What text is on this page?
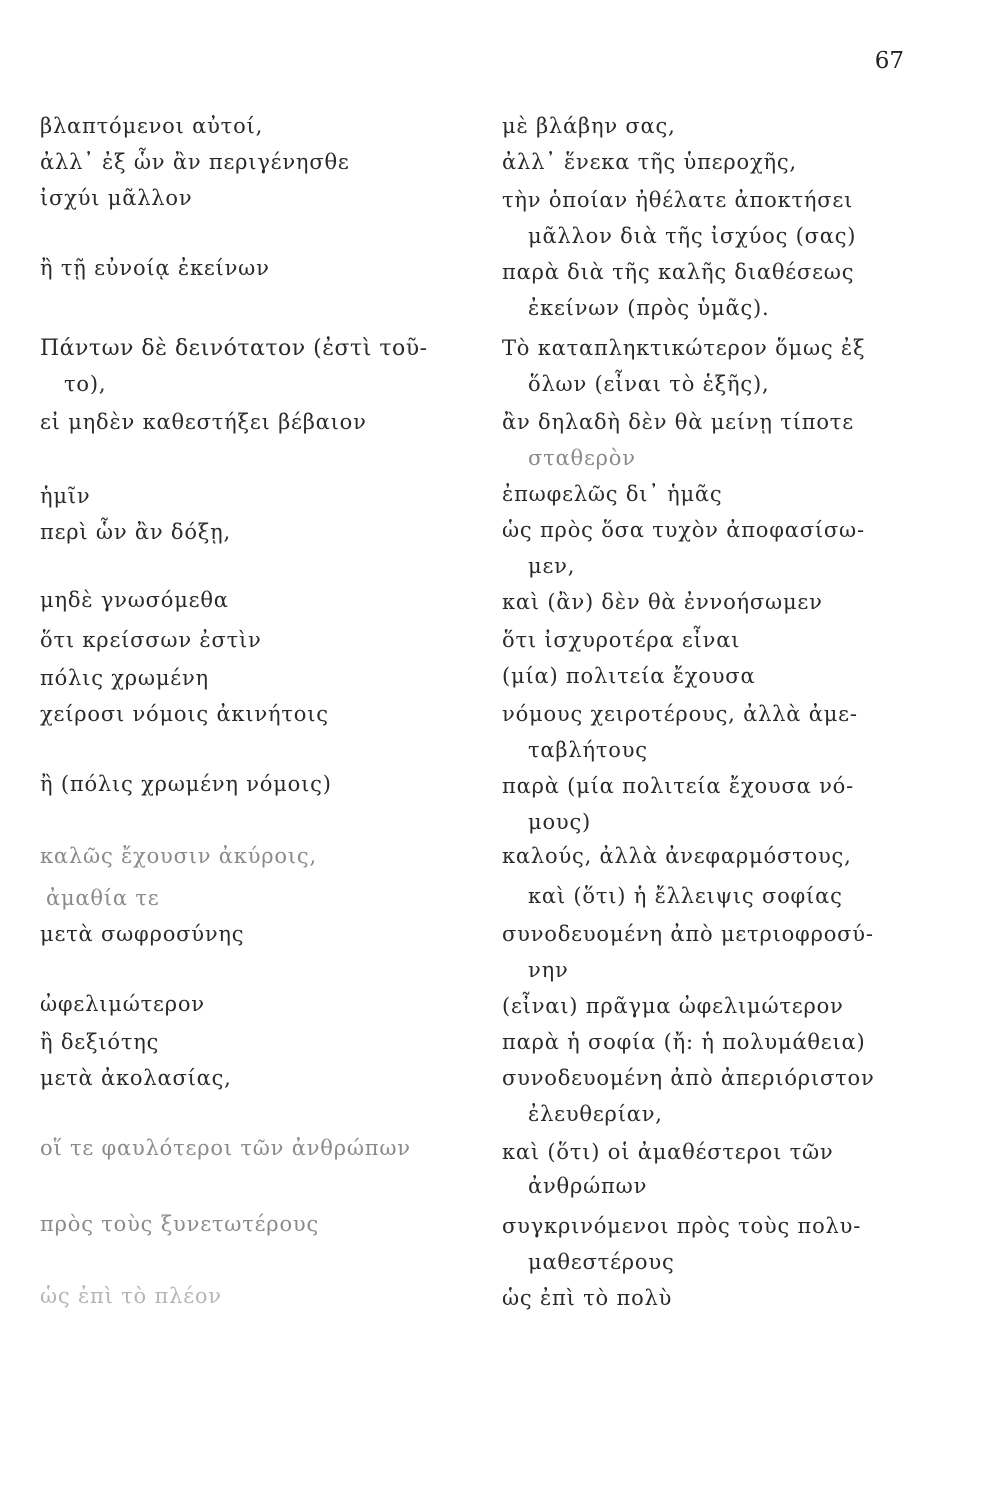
67
βλαπτόμενοι αὐτοί,
ἀλλ᾽ ἐξ ὧν ἂν περιγένησθε
ἰσχύι μᾶλλον
ἢ τῇ εὐνοίᾳ ἐκείνων
Πάντων δὲ δεινότατον (ἐστὶ τοῦ-
το),
εἰ μηδὲν καθεστήξει βέβαιον
ἡμῖν
περὶ ὧν ἂν δόξῃ,
μηδὲ γνωσόμεθα
ὅτι κρείσσων ἐστὶν
πόλις χρωμένη
χείροσι νόμοις ἀκινήτοις
ἢ (πόλις χρωμένη νόμοις)
καλῶς ἔχουσιν ἀκύροις,
ἀμαθία τε
μετὰ σωφροσύνης
ὠφελιμώτερον
ἢ δεξιότης
μετὰ ἀκολασίας,
οἵ τε φαυλότεροι τῶν ἀνθρώπων
πρὸς τοὺς ξυνετωτέρους
ὡς ἐπὶ τὸ πλέον
μὲ βλάβην σας,
ἀλλ᾽ ἕνεκα τῆς ὑπεροχῆς,
τὴν ὁποίαν ἠθέλατε ἀποκτήσει
μᾶλλον διὰ τῆς ἰσχύος (σας)
παρὰ διὰ τῆς καλῆς διαθέσεως
ἐκείνων (πρὸς ὑμᾶς).
Τὸ καταπληκτικώτερον ὅμως ἐξ
ὅλων (εἶναι τὸ ἑξῆς),
ἂν δηλαδὴ δὲν θὰ μείνῃ τίποτε
σταθερὸν
ἐπωφελῶς δι᾽ ἡμᾶς
ὡς πρὸς ὅσα τυχὸν ἀποφασίσω-
μεν,
καὶ (ἂν) δὲν θὰ ἐννοήσωμεν
ὅτι ἰσχυροτέρα εἶναι
(μία) πολιτεία ἔχουσα
νόμους χειροτέρους, ἀλλὰ ἀμε-
ταβλήτους
παρὰ (μία πολιτεία ἔχουσα νό-
μους)
καλούς, ἀλλὰ ἀνεφαρμόστους,
καὶ (ὅτι) ἡ ἔλλειψις σοφίας
συνοδευομένη ἀπὸ μετριοφροσύ-
νην
(εἶναι) πρᾶγμα ὠφελιμώτερον
παρὰ ἡ σοφία (ἤ: ἡ πολυμάθεια)
συνοδευομένη ἀπὸ ἀπεριόριστον
ἐλευθερίαν,
καὶ (ὅτι) οἱ ἀμαθέστεροι τῶν
ἀνθρώπων
συγκρινόμενοι πρὸς τοὺς πολυ-
μαθεστέρους
ὡς ἐπὶ τὸ πολὺ
